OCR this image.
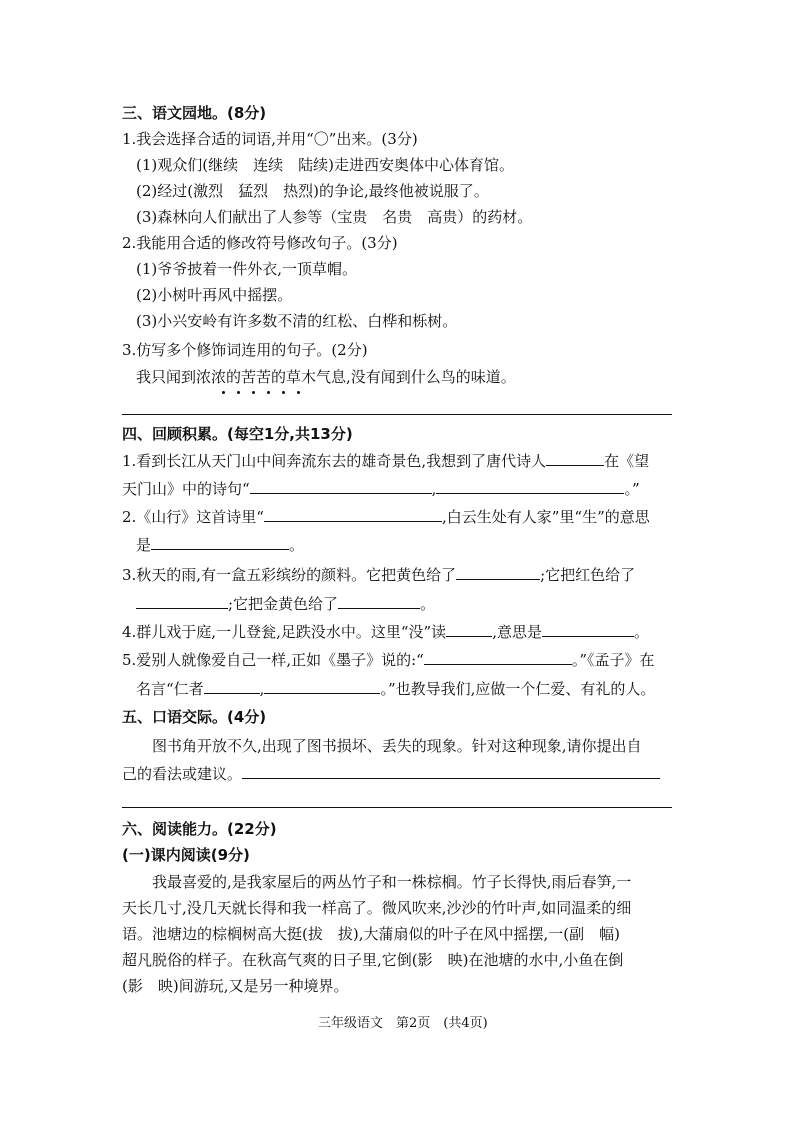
三、语文园地。(8分)
1.我会选择合适的词语,并用“〇”出来。(3分)
(1)观众们(继续　连续　陆续)走进西安奥体中心体育馆。
(2)经过(激烈　猛烈　热烈)的争论,最终他被说服了。
(3)森林向人们献出了人参等（宝贵　名贵　高贵）的药材。
2.我能用合适的修改符号修改句子。(3分)
(1)爷爷披着一件外衣,一顶草帽。
(2)小树叶再风中摇摆。
(3)小兴安岭有许多数不清的红松、白桦和栎树。
3.仿写多个修饰词连用的句子。(2分)
我只闻到浓浓的苦苦的草木气息,没有闻到什么鸟的味道。
四、回顾积累。(每空1分,共13分)
1.看到长江从天门山中间奔流东去的雄奇景色,我想到了唐代诗人	在《望
天门山》中的诗句“	,	。”
2.《山行》这首诗里“	,白云生处有人家”里“生”的意思
是	。
3.秋天的雨,有一盒五彩缤纷的颜料。它把黄色给了	;它把红色给了
;它把金黄色给了	。
4.群儿戏于庭,一儿登瓮,足跌没水中。这里“没”读	,意思是	。
5.爱别人就像爱自己一样,正如《墨子》说的:“	。”《孟子》在
名言“仁者	,	。”也教导我们,应做一个仁爱、有礼的人。
五、口语交际。(4分)
图书角开放不久,出现了图书损坏、丢失的现象。针对这种现象,请你提出自
己的看法或建议。
六、阅读能力。(22分)
(一)课内阅读(9分)
我最喜爱的,是我家屋后的两丛竹子和一株棕榈。竹子长得快,雨后春笋,一
天长几寸,没几天就长得和我一样高了。微风吹来,沙沙的竹叶声,如同温柔的细
语。池塘边的棕榈树高大挺(拔　拔),大蒲扇似的叶子在风中摇摆,一(副　幅)
超凡脱俗的样子。在秋高气爽的日子里,它倒(影　映)在池塘的水中,小鱼在倒
(影　映)间游玩,又是另一种境界。
三年级语文　第2页　(共4页)
